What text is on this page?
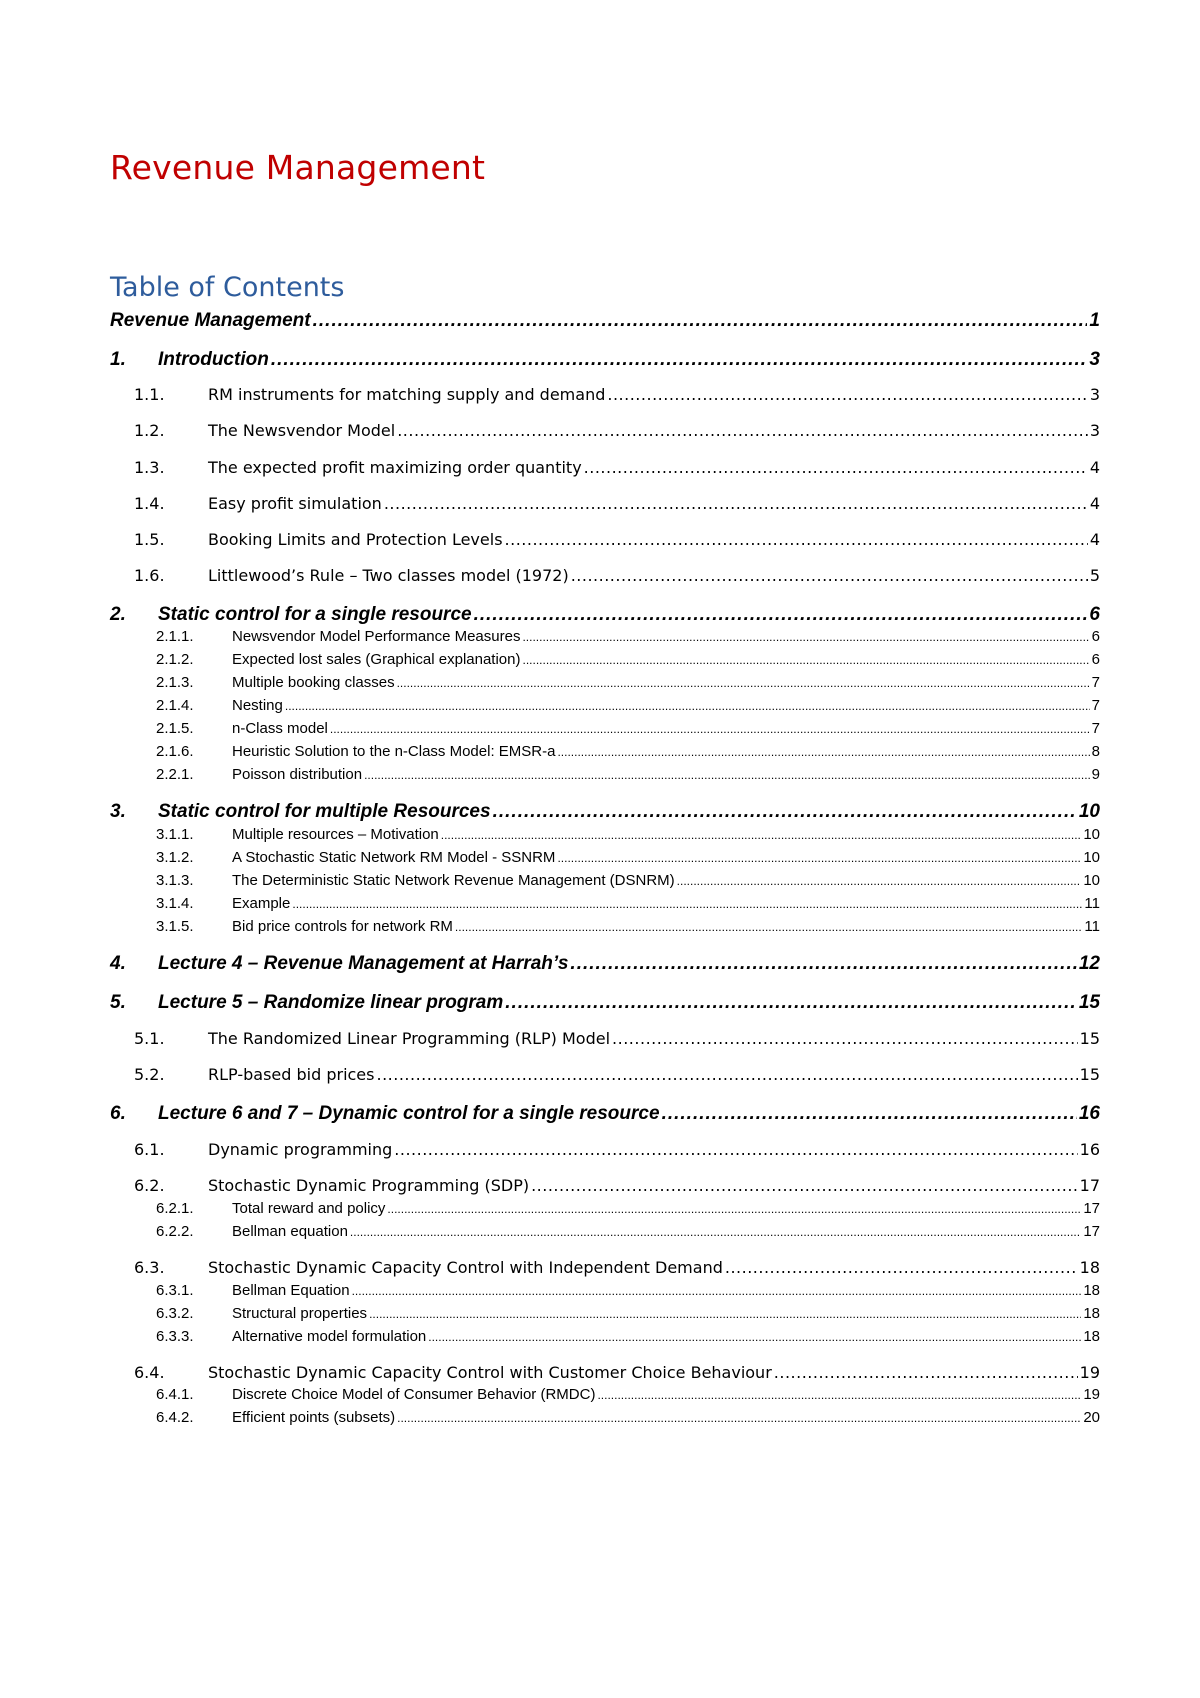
Revenue Management
Table of Contents
Revenue Management .....	1
1.	Introduction .....	3
1.1.	RM instruments for matching supply and demand .....	3
1.2.	The Newsvendor Model .....	3
1.3.	The expected profit maximizing order quantity .....	4
1.4.	Easy profit simulation .....	4
1.5.	Booking Limits and Protection Levels .....	4
1.6.	Littlewood’s Rule – Two classes model (1972) .....	5
2.	Static control for a single resource .....	6
2.1.1.	Newsvendor Model Performance Measures .....	6
2.1.2.	Expected lost sales (Graphical explanation) .....	6
2.1.3.	Multiple booking classes .....	7
2.1.4.	Nesting .....	7
2.1.5.	n-Class model .....	7
2.1.6.	Heuristic Solution to the n-Class Model: EMSR-a .....	8
2.2.1.	Poisson distribution .....	9
3.	Static control for multiple Resources .....	10
3.1.1.	Multiple resources – Motivation .....	10
3.1.2.	A Stochastic Static Network RM Model - SSNRM .....	10
3.1.3.	The Deterministic Static Network Revenue Management (DSNRM) .....	10
3.1.4.	Example .....	11
3.1.5.	Bid price controls for network RM .....	11
4.	Lecture 4 – Revenue Management at Harrah’s .....	12
5.	Lecture 5 – Randomize linear program .....	15
5.1.	The Randomized Linear Programming (RLP) Model .....	15
5.2.	RLP-based bid prices .....	15
6.	Lecture 6 and 7 – Dynamic control for a single resource .....	16
6.1.	Dynamic programming .....	16
6.2.	Stochastic Dynamic Programming (SDP) .....	17
6.2.1.	Total reward and policy .....	17
6.2.2.	Bellman equation .....	17
6.3.	Stochastic Dynamic Capacity Control with Independent Demand .....	18
6.3.1.	Bellman Equation .....	18
6.3.2.	Structural properties .....	18
6.3.3.	Alternative model formulation .....	18
6.4.	Stochastic Dynamic Capacity Control with Customer Choice Behaviour .....	19
6.4.1.	Discrete Choice Model of Consumer Behavior (RMDC) .....	19
6.4.2.	Efficient points (subsets) .....	20
